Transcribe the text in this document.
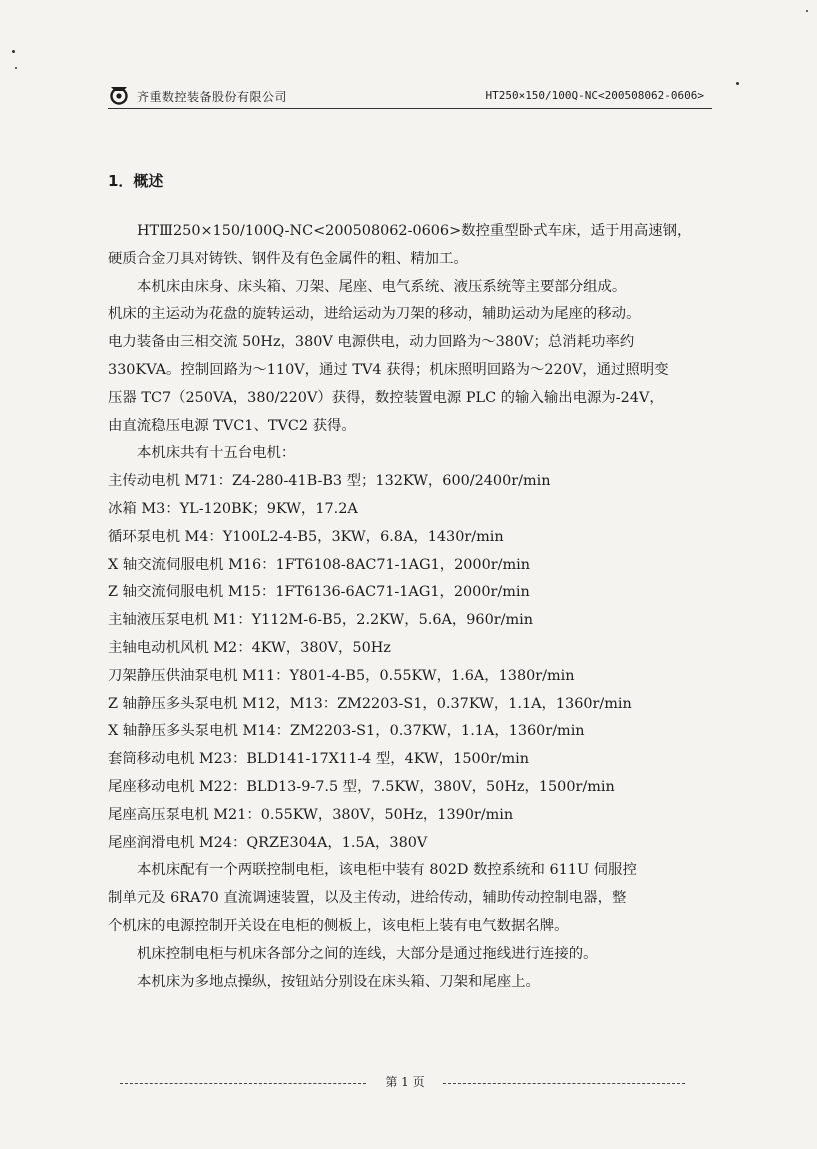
齐重数控装备股份有限公司	HT250×150/100Q-NC<200508062-0606>
1．概述

HTⅢ250×150/100Q-NC<200508062-0606>数控重型卧式车床，适于用高速钢，

硬质合金刀具对铸铁、钢件及有色金属件的粗、精加工。

本机床由床身、床头箱、刀架、尾座、电气系统、液压系统等主要部分组成。

机床的主运动为花盘的旋转运动，进给运动为刀架的移动，辅助运动为尾座的移动。

电力装备由三相交流 50Hz，380V 电源供电，动力回路为～380V；总消耗功率约

330KVA。控制回路为～110V，通过 TV4 获得；机床照明回路为～220V，通过照明变

压器 TC7（250VA，380/220V）获得，数控装置电源 PLC 的输入输出电源为-24V，

由直流稳压电源 TVC1、TVC2 获得。

本机床共有十五台电机：

主传动电机 M71：Z4-280-41B-B3 型；132KW，600/2400r/min

冰箱 M3：YL-120BK；9KW，17.2A

循环泵电机 M4：Y100L2-4-B5，3KW，6.8A，1430r/min

X 轴交流伺服电机 M16：1FT6108-8AC71-1AG1，2000r/min

Z 轴交流伺服电机 M15：1FT6136-6AC71-1AG1，2000r/min

主轴液压泵电机 M1：Y112M-6-B5，2.2KW，5.6A，960r/min

主轴电动机风机 M2：4KW，380V，50Hz

刀架静压供油泵电机 M11：Y801-4-B5，0.55KW，1.6A，1380r/min

Z 轴静压多头泵电机 M12，M13：ZM2203-S1，0.37KW，1.1A，1360r/min

X 轴静压多头泵电机 M14：ZM2203-S1，0.37KW，1.1A，1360r/min

套筒移动电机 M23：BLD141-17X11-4 型，4KW，1500r/min

尾座移动电机 M22：BLD13-9-7.5 型，7.5KW，380V，50Hz，1500r/min

尾座高压泵电机 M21：0.55KW，380V，50Hz，1390r/min

尾座润滑电机 M24：QRZE304A，1.5A，380V

本机床配有一个两联控制电柜，该电柜中装有 802D 数控系统和 611U 伺服控

制单元及 6RA70 直流调速装置，以及主传动，进给传动，辅助传动控制电器，整

个机床的电源控制开关设在电柜的侧板上，该电柜上装有电气数据名牌。

机床控制电柜与机床各部分之间的连线，大部分是通过拖线进行连接的。

本机床为多地点操纵，按钮站分别设在床头箱、刀架和尾座上。

第 1 页
